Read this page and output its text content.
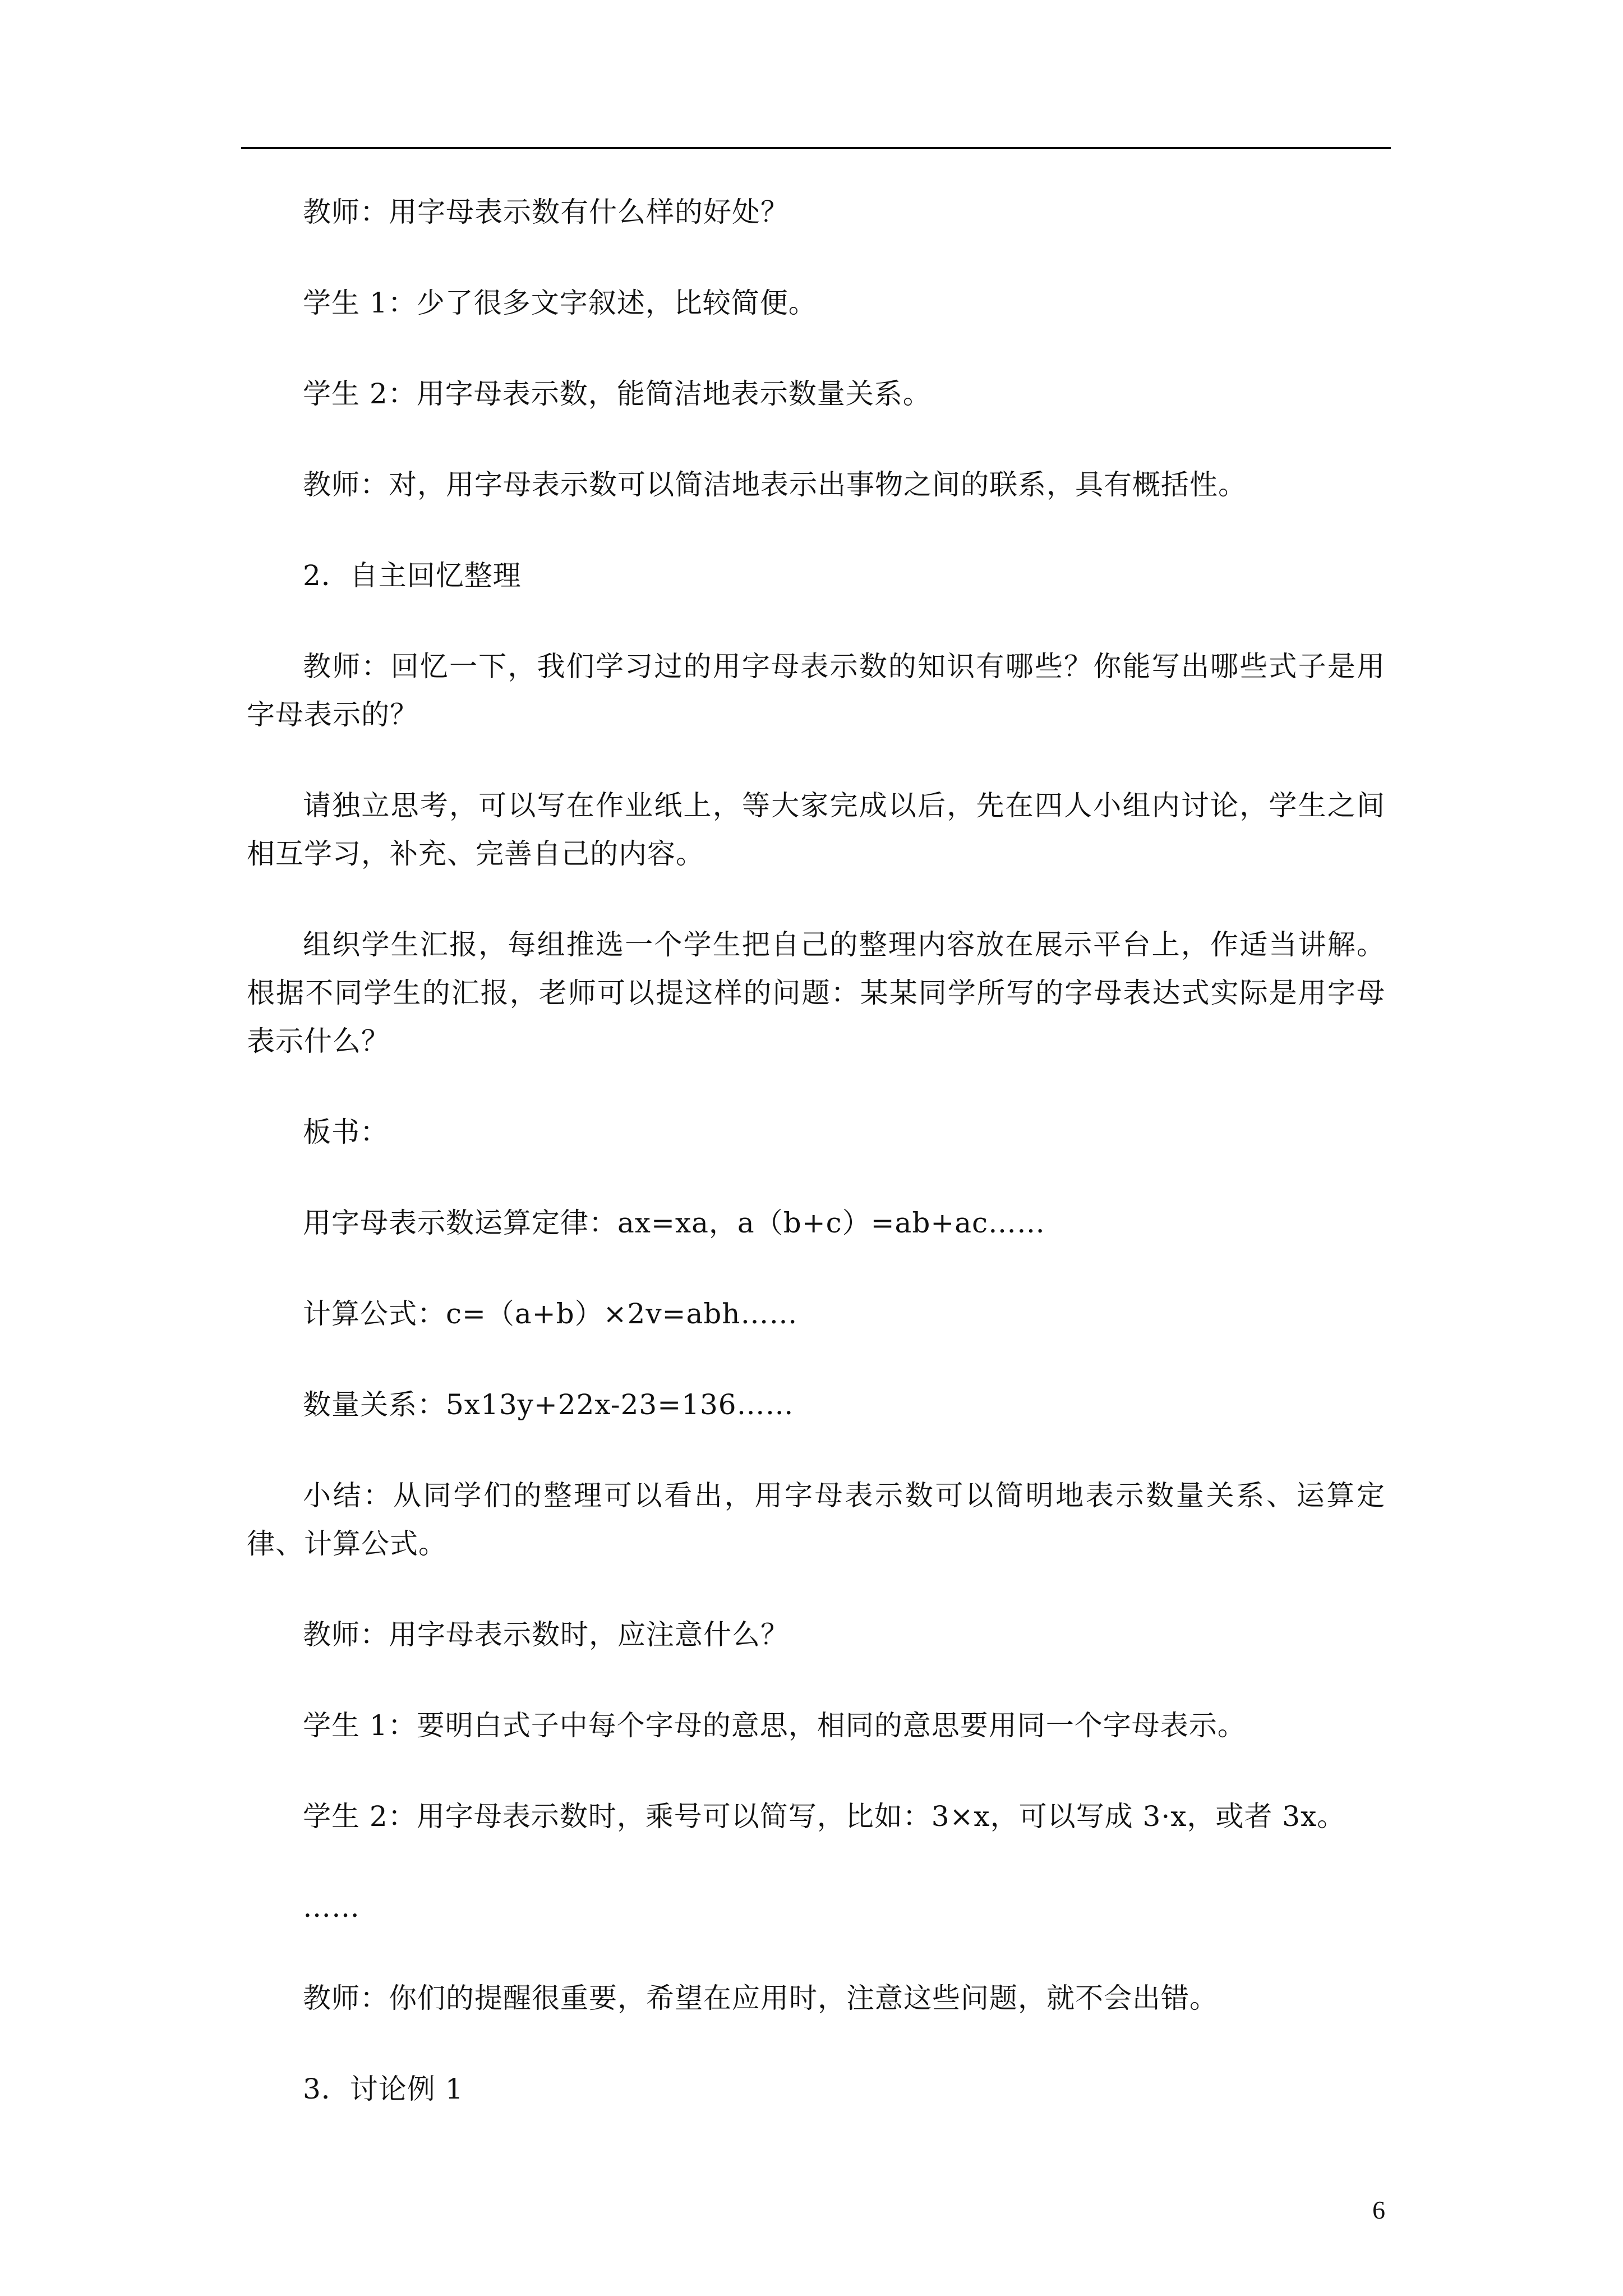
教师：用字母表示数有什么样的好处？

学生 1：少了很多文字叙述，比较简便。

学生 2：用字母表示数，能简洁地表示数量关系。

教师：对，用字母表示数可以简洁地表示出事物之间的联系，具有概括性。

2．自主回忆整理

教师：回忆一下，我们学习过的用字母表示数的知识有哪些？你能写出哪些式子是用字母表示的？

请独立思考，可以写在作业纸上，等大家完成以后，先在四人小组内讨论，学生之间相互学习，补充、完善自己的内容。

组织学生汇报，每组推选一个学生把自己的整理内容放在展示平台上，作适当讲解。根据不同学生的汇报，老师可以提这样的问题：某某同学所写的字母表达式实际是用字母表示什么？

板书：

用字母表示数运算定律：ax=xa，a（b+c）=ab+ac……

计算公式：c=（a+b）×2v=abh……

数量关系：5x13y+22x-23=136……

小结：从同学们的整理可以看出，用字母表示数可以简明地表示数量关系、运算定律、计算公式。

教师：用字母表示数时，应注意什么？

学生 1：要明白式子中每个字母的意思，相同的意思要用同一个字母表示。

学生 2：用字母表示数时，乘号可以简写，比如：3×x，可以写成 3·x，或者 3x。

……

教师：你们的提醒很重要，希望在应用时，注意这些问题，就不会出错。

3．讨论例 1

6
